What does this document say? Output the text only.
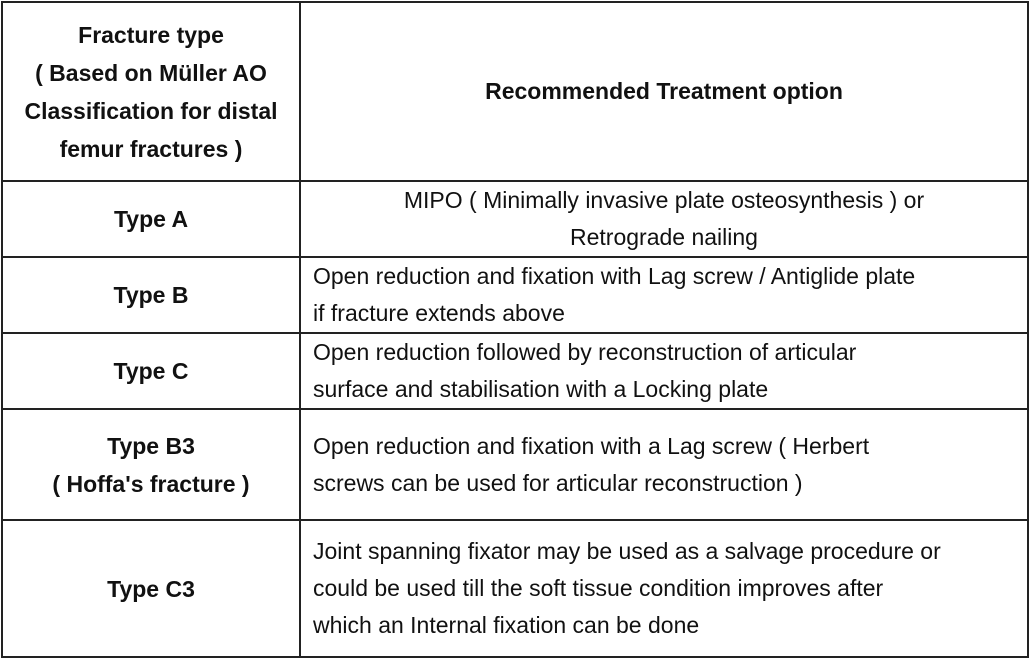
Fracture type
( Based on Müller AO
Classification for distal
femur fractures )	Recommended Treatment option

Type A	MIPO ( Minimally invasive plate osteosynthesis ) or
Retrograde nailing

Type B	Open reduction and fixation with Lag screw / Antiglide plate
if fracture extends above

Type C	Open reduction followed by reconstruction of articular
surface and stabilisation with a Locking plate

Type B3
( Hoffa's fracture )	Open reduction and fixation with a Lag screw ( Herbert
screws can be used for articular reconstruction )

Type C3	Joint spanning fixator may be used as a salvage procedure or
could be used till the soft tissue condition improves after
which an Internal fixation can be done
